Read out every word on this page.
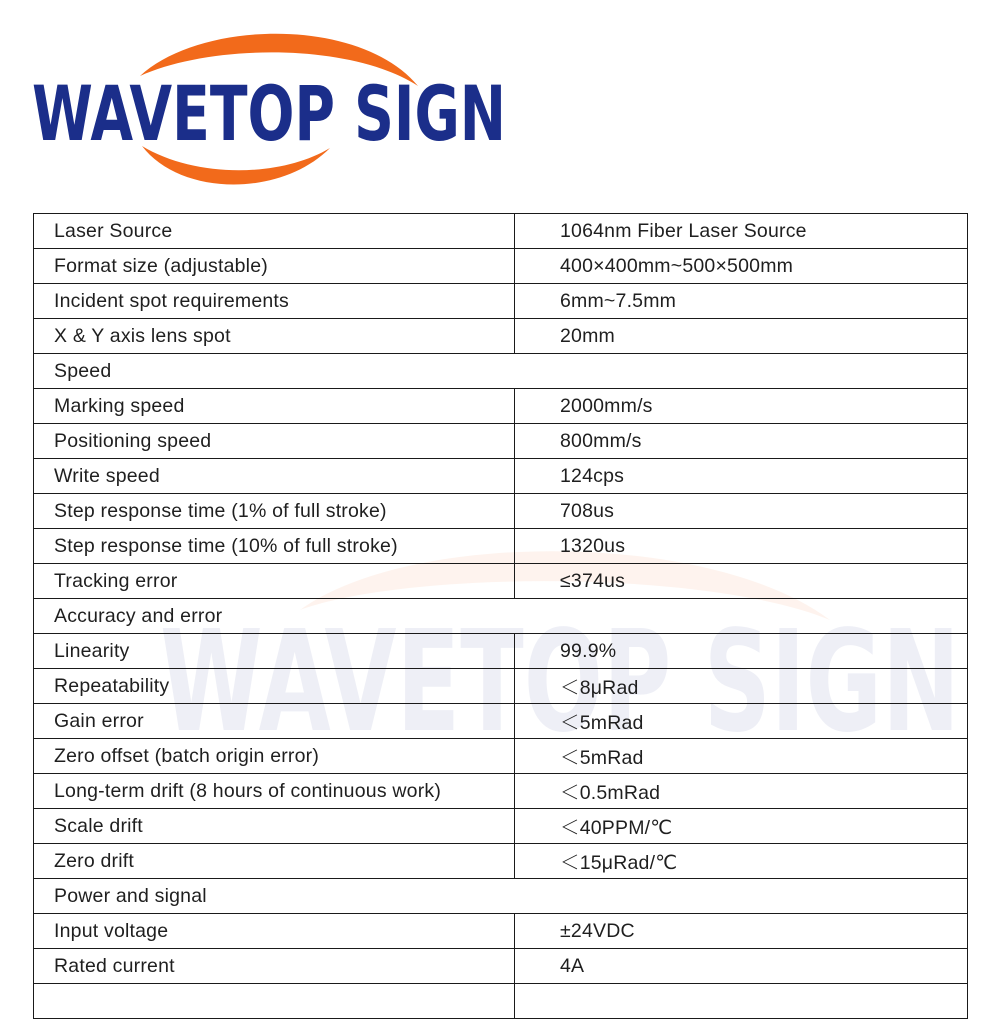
WAVETOP SIGN
WAVETOP SIGN
Laser Source	1064nm Fiber Laser Source
Format size (adjustable)	400×400mm~500×500mm
Incident spot requirements	6mm~7.5mm
X & Y axis lens spot	20mm
Speed	
Marking speed	2000mm/s
Positioning speed	800mm/s
Write speed	124cps
Step response time (1% of full stroke)	708us
Step response time (10% of full stroke)	1320us
Tracking error	≤374us
Accuracy and error	
Linearity	99.9%
Repeatability	＜8μRad
Gain error	＜5mRad
Zero offset (batch origin error)	＜5mRad
Long-term drift (8 hours of continuous work)	＜0.5mRad
Scale drift	＜40PPM/℃
Zero drift	＜15μRad/℃
Power and signal	
Input voltage	±24VDC
Rated current	4A
